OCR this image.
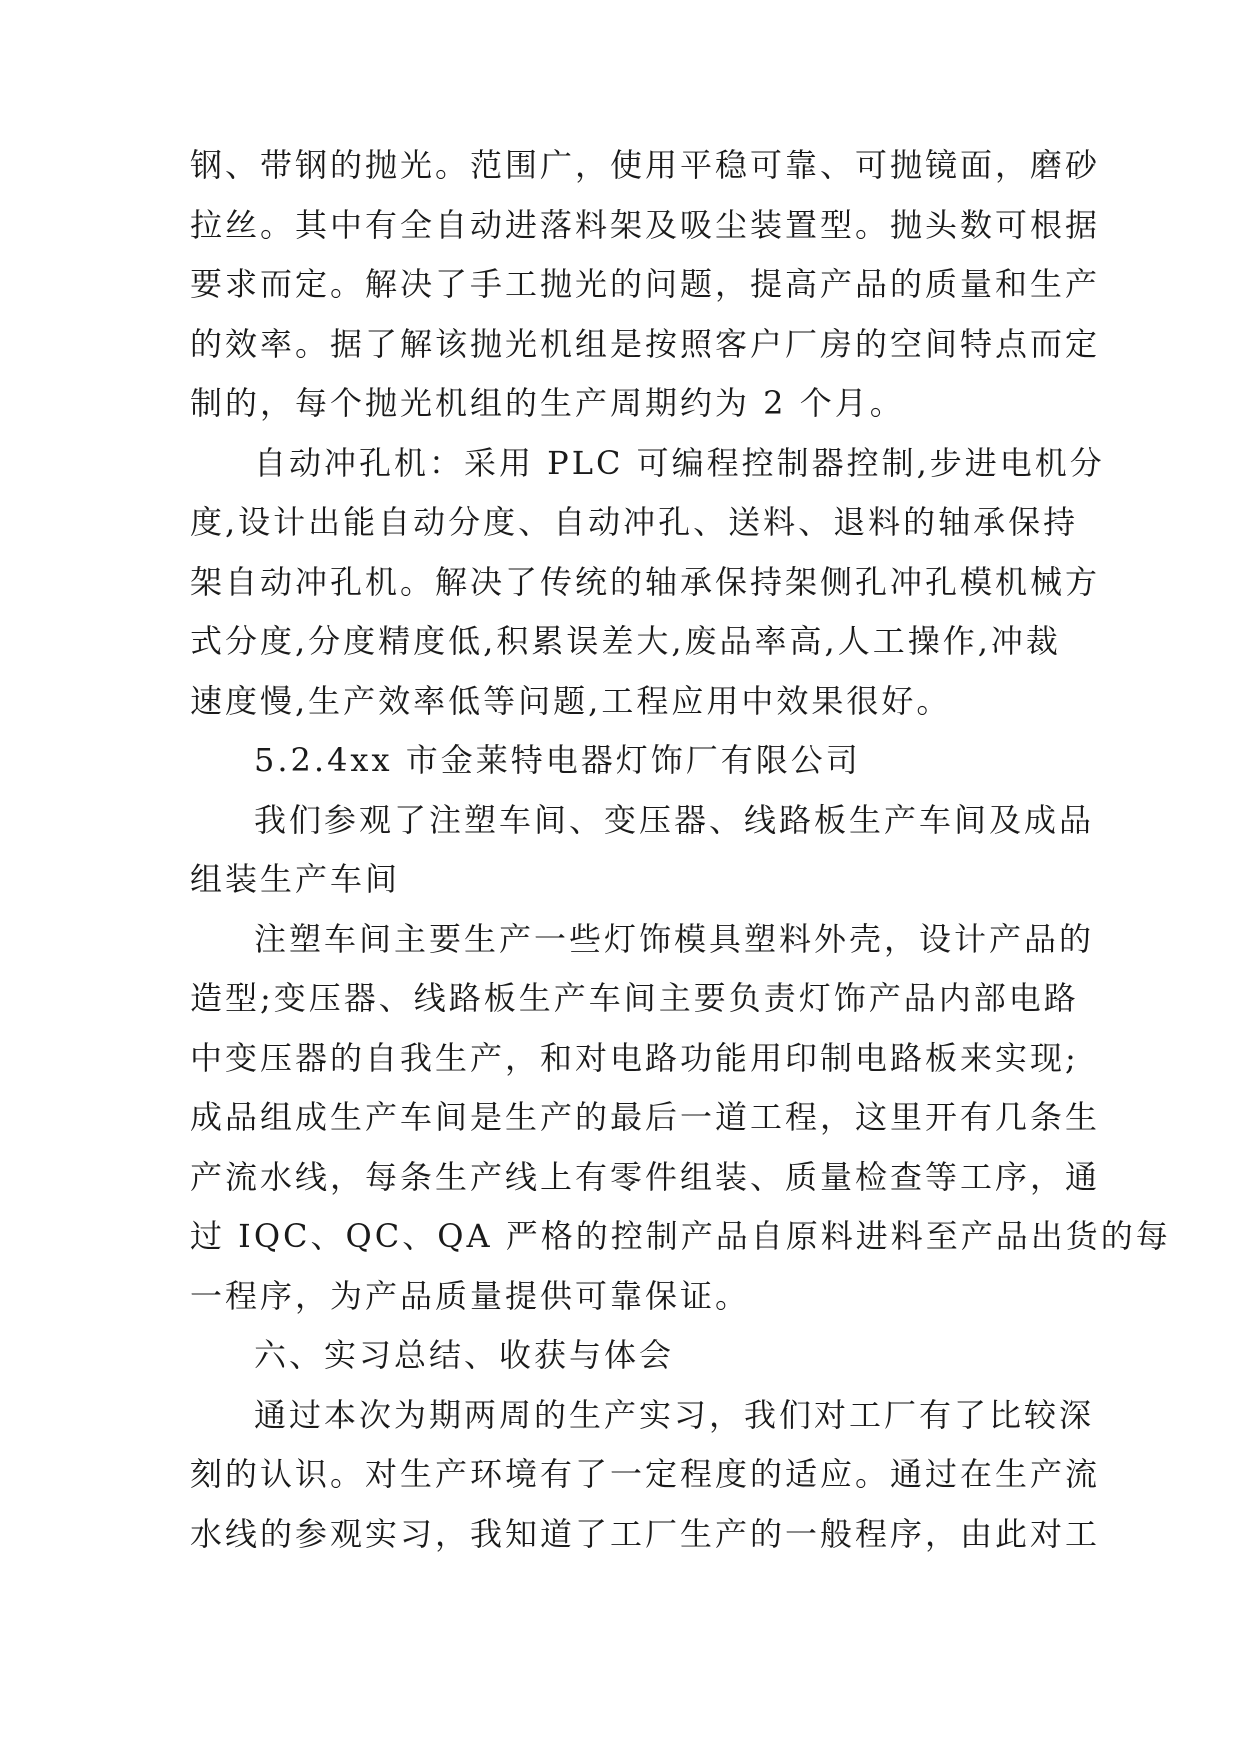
钢、带钢的抛光。范围广，使用平稳可靠、可抛镜面，磨砂
拉丝。其中有全自动进落料架及吸尘装置型。抛头数可根据
要求而定。解决了手工抛光的问题，提高产品的质量和生产
的效率。据了解该抛光机组是按照客户厂房的空间特点而定
制的，每个抛光机组的生产周期约为 2 个月。
自动冲孔机：采用 PLC 可编程控制器控制,步进电机分
度,设计出能自动分度、自动冲孔、送料、退料的轴承保持
架自动冲孔机。解决了传统的轴承保持架侧孔冲孔模机械方
式分度,分度精度低,积累误差大,废品率高,人工操作,冲裁
速度慢,生产效率低等问题,工程应用中效果很好。
5.2.4xx 市金莱特电器灯饰厂有限公司
我们参观了注塑车间、变压器、线路板生产车间及成品
组装生产车间
注塑车间主要生产一些灯饰模具塑料外壳，设计产品的
造型;变压器、线路板生产车间主要负责灯饰产品内部电路
中变压器的自我生产，和对电路功能用印制电路板来实现;
成品组成生产车间是生产的最后一道工程，这里开有几条生
产流水线，每条生产线上有零件组装、质量检查等工序，通
过 IQC、QC、QA 严格的控制产品自原料进料至产品出货的每
一程序，为产品质量提供可靠保证。
六、实习总结、收获与体会
通过本次为期两周的生产实习，我们对工厂有了比较深
刻的认识。对生产环境有了一定程度的适应。通过在生产流
水线的参观实习，我知道了工厂生产的一般程序，由此对工
